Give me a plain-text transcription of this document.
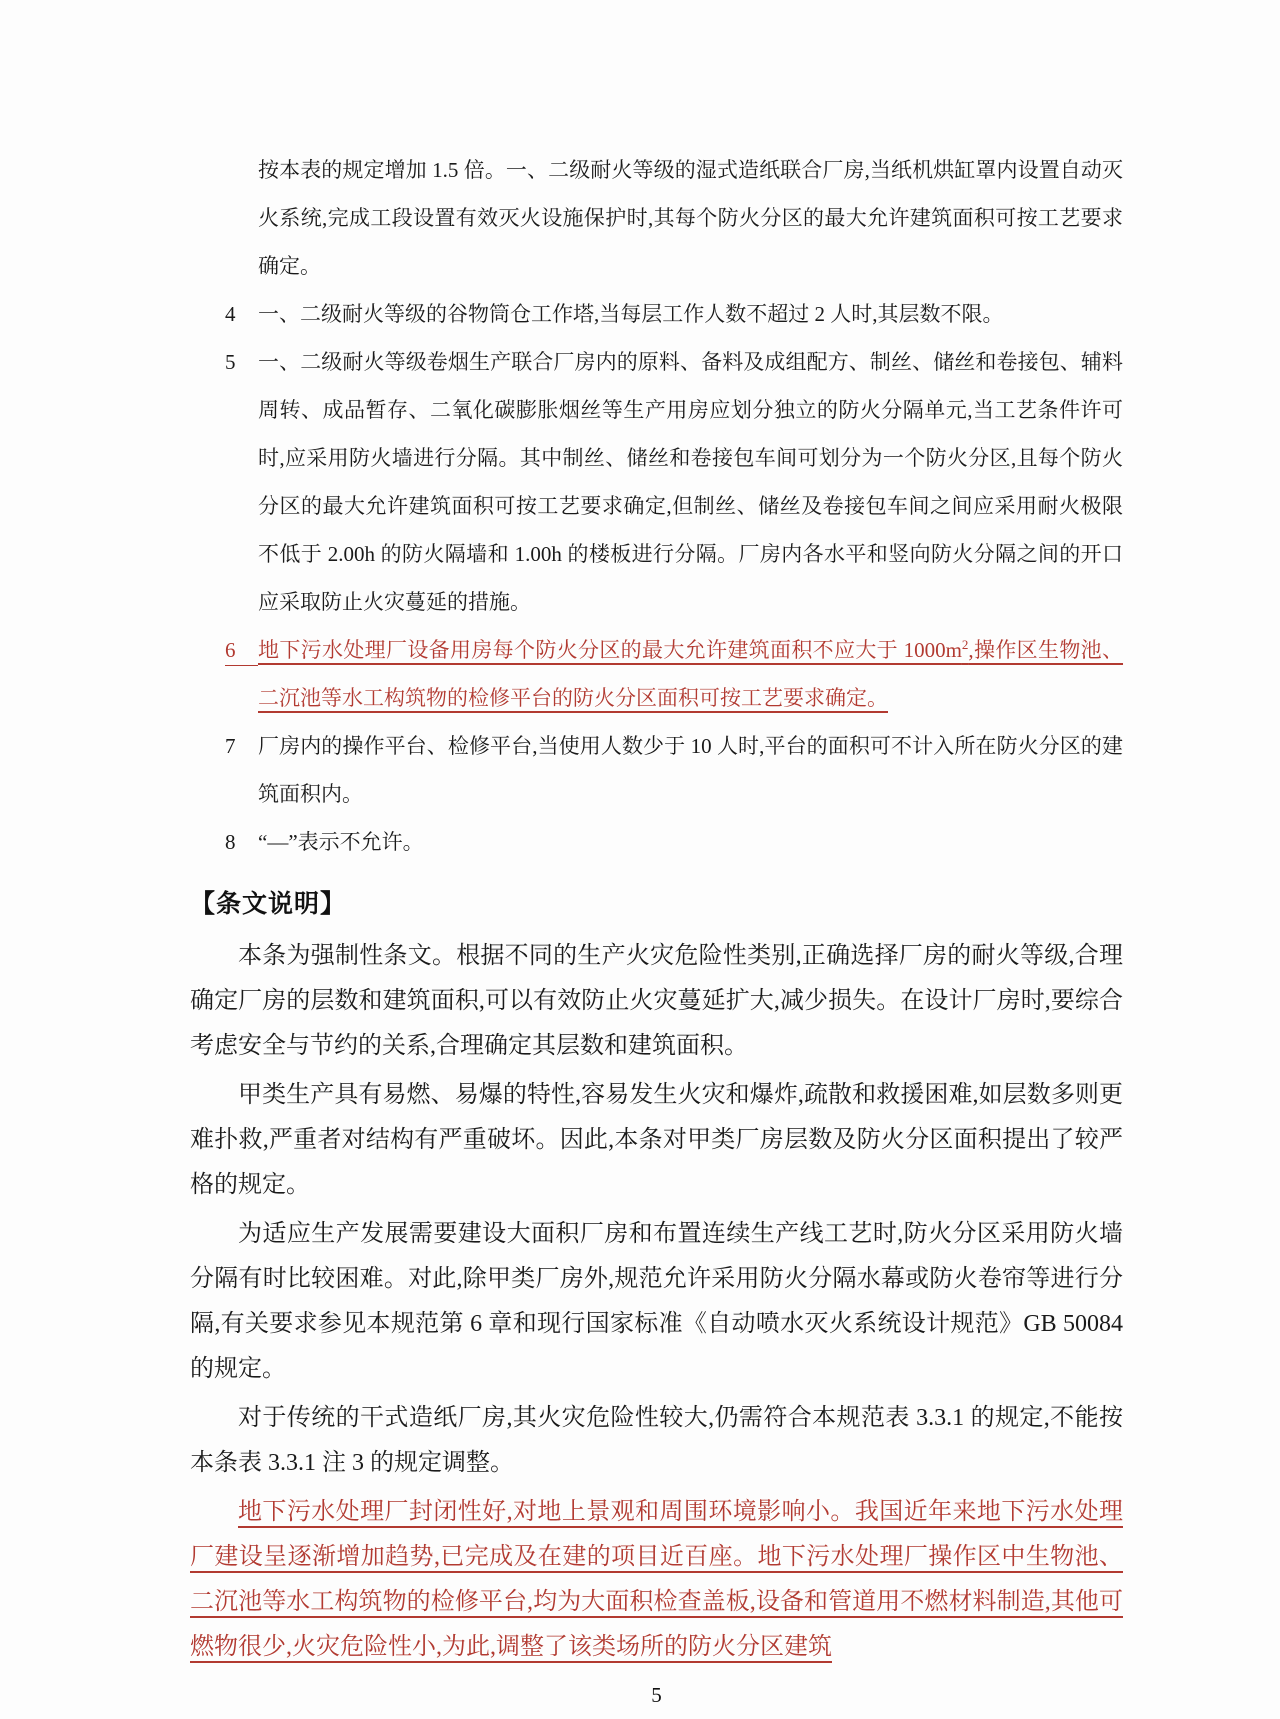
按本表的规定增加 1.5 倍。一、二级耐火等级的湿式造纸联合厂房,当纸机烘缸罩内设置自动灭火系统,完成工段设置有效灭火设施保护时,其每个防火分区的最大允许建筑面积可按工艺要求确定。

4	一、二级耐火等级的谷物筒仓工作塔,当每层工作人数不超过 2 人时,其层数不限。

5	一、二级耐火等级卷烟生产联合厂房内的原料、备料及成组配方、制丝、储丝和卷接包、辅料周转、成品暂存、二氧化碳膨胀烟丝等生产用房应划分独立的防火分隔单元,当工艺条件许可时,应采用防火墙进行分隔。其中制丝、储丝和卷接包车间可划分为一个防火分区,且每个防火分区的最大允许建筑面积可按工艺要求确定,但制丝、储丝及卷接包车间之间应采用耐火极限不低于 2.00h 的防火隔墙和 1.00h 的楼板进行分隔。厂房内各水平和竖向防火分隔之间的开口应采取防止火灾蔓延的措施。

6	地下污水处理厂设备用房每个防火分区的最大允许建筑面积不应大于 $1000m^2$,操作区生物池、二沉池等水工构筑物的检修平台的防火分区面积可按工艺要求确定。

7	厂房内的操作平台、检修平台,当使用人数少于 10 人时,平台的面积可不计入所在防火分区的建筑面积内。

8	“—”表示不允许。

【条文说明】

本条为强制性条文。根据不同的生产火灾危险性类别,正确选择厂房的耐火等级,合理确定厂房的层数和建筑面积,可以有效防止火灾蔓延扩大,减少损失。在设计厂房时,要综合考虑安全与节约的关系,合理确定其层数和建筑面积。

甲类生产具有易燃、易爆的特性,容易发生火灾和爆炸,疏散和救援困难,如层数多则更难扑救,严重者对结构有严重破坏。因此,本条对甲类厂房层数及防火分区面积提出了较严格的规定。

为适应生产发展需要建设大面积厂房和布置连续生产线工艺时,防火分区采用防火墙分隔有时比较困难。对此,除甲类厂房外,规范允许采用防火分隔水幕或防火卷帘等进行分隔,有关要求参见本规范第 6 章和现行国家标准《自动喷水灭火系统设计规范》GB 50084 的规定。

对于传统的干式造纸厂房,其火灾危险性较大,仍需符合本规范表 3.3.1 的规定,不能按本条表 3.3.1 注 3 的规定调整。

地下污水处理厂封闭性好,对地上景观和周围环境影响小。我国近年来地下污水处理厂建设呈逐渐增加趋势,已完成及在建的项目近百座。地下污水处理厂操作区中生物池、二沉池等水工构筑物的检修平台,均为大面积检查盖板,设备和管道用不燃材料制造,其他可燃物很少,火灾危险性小,为此,调整了该类场所的防火分区建筑

5
